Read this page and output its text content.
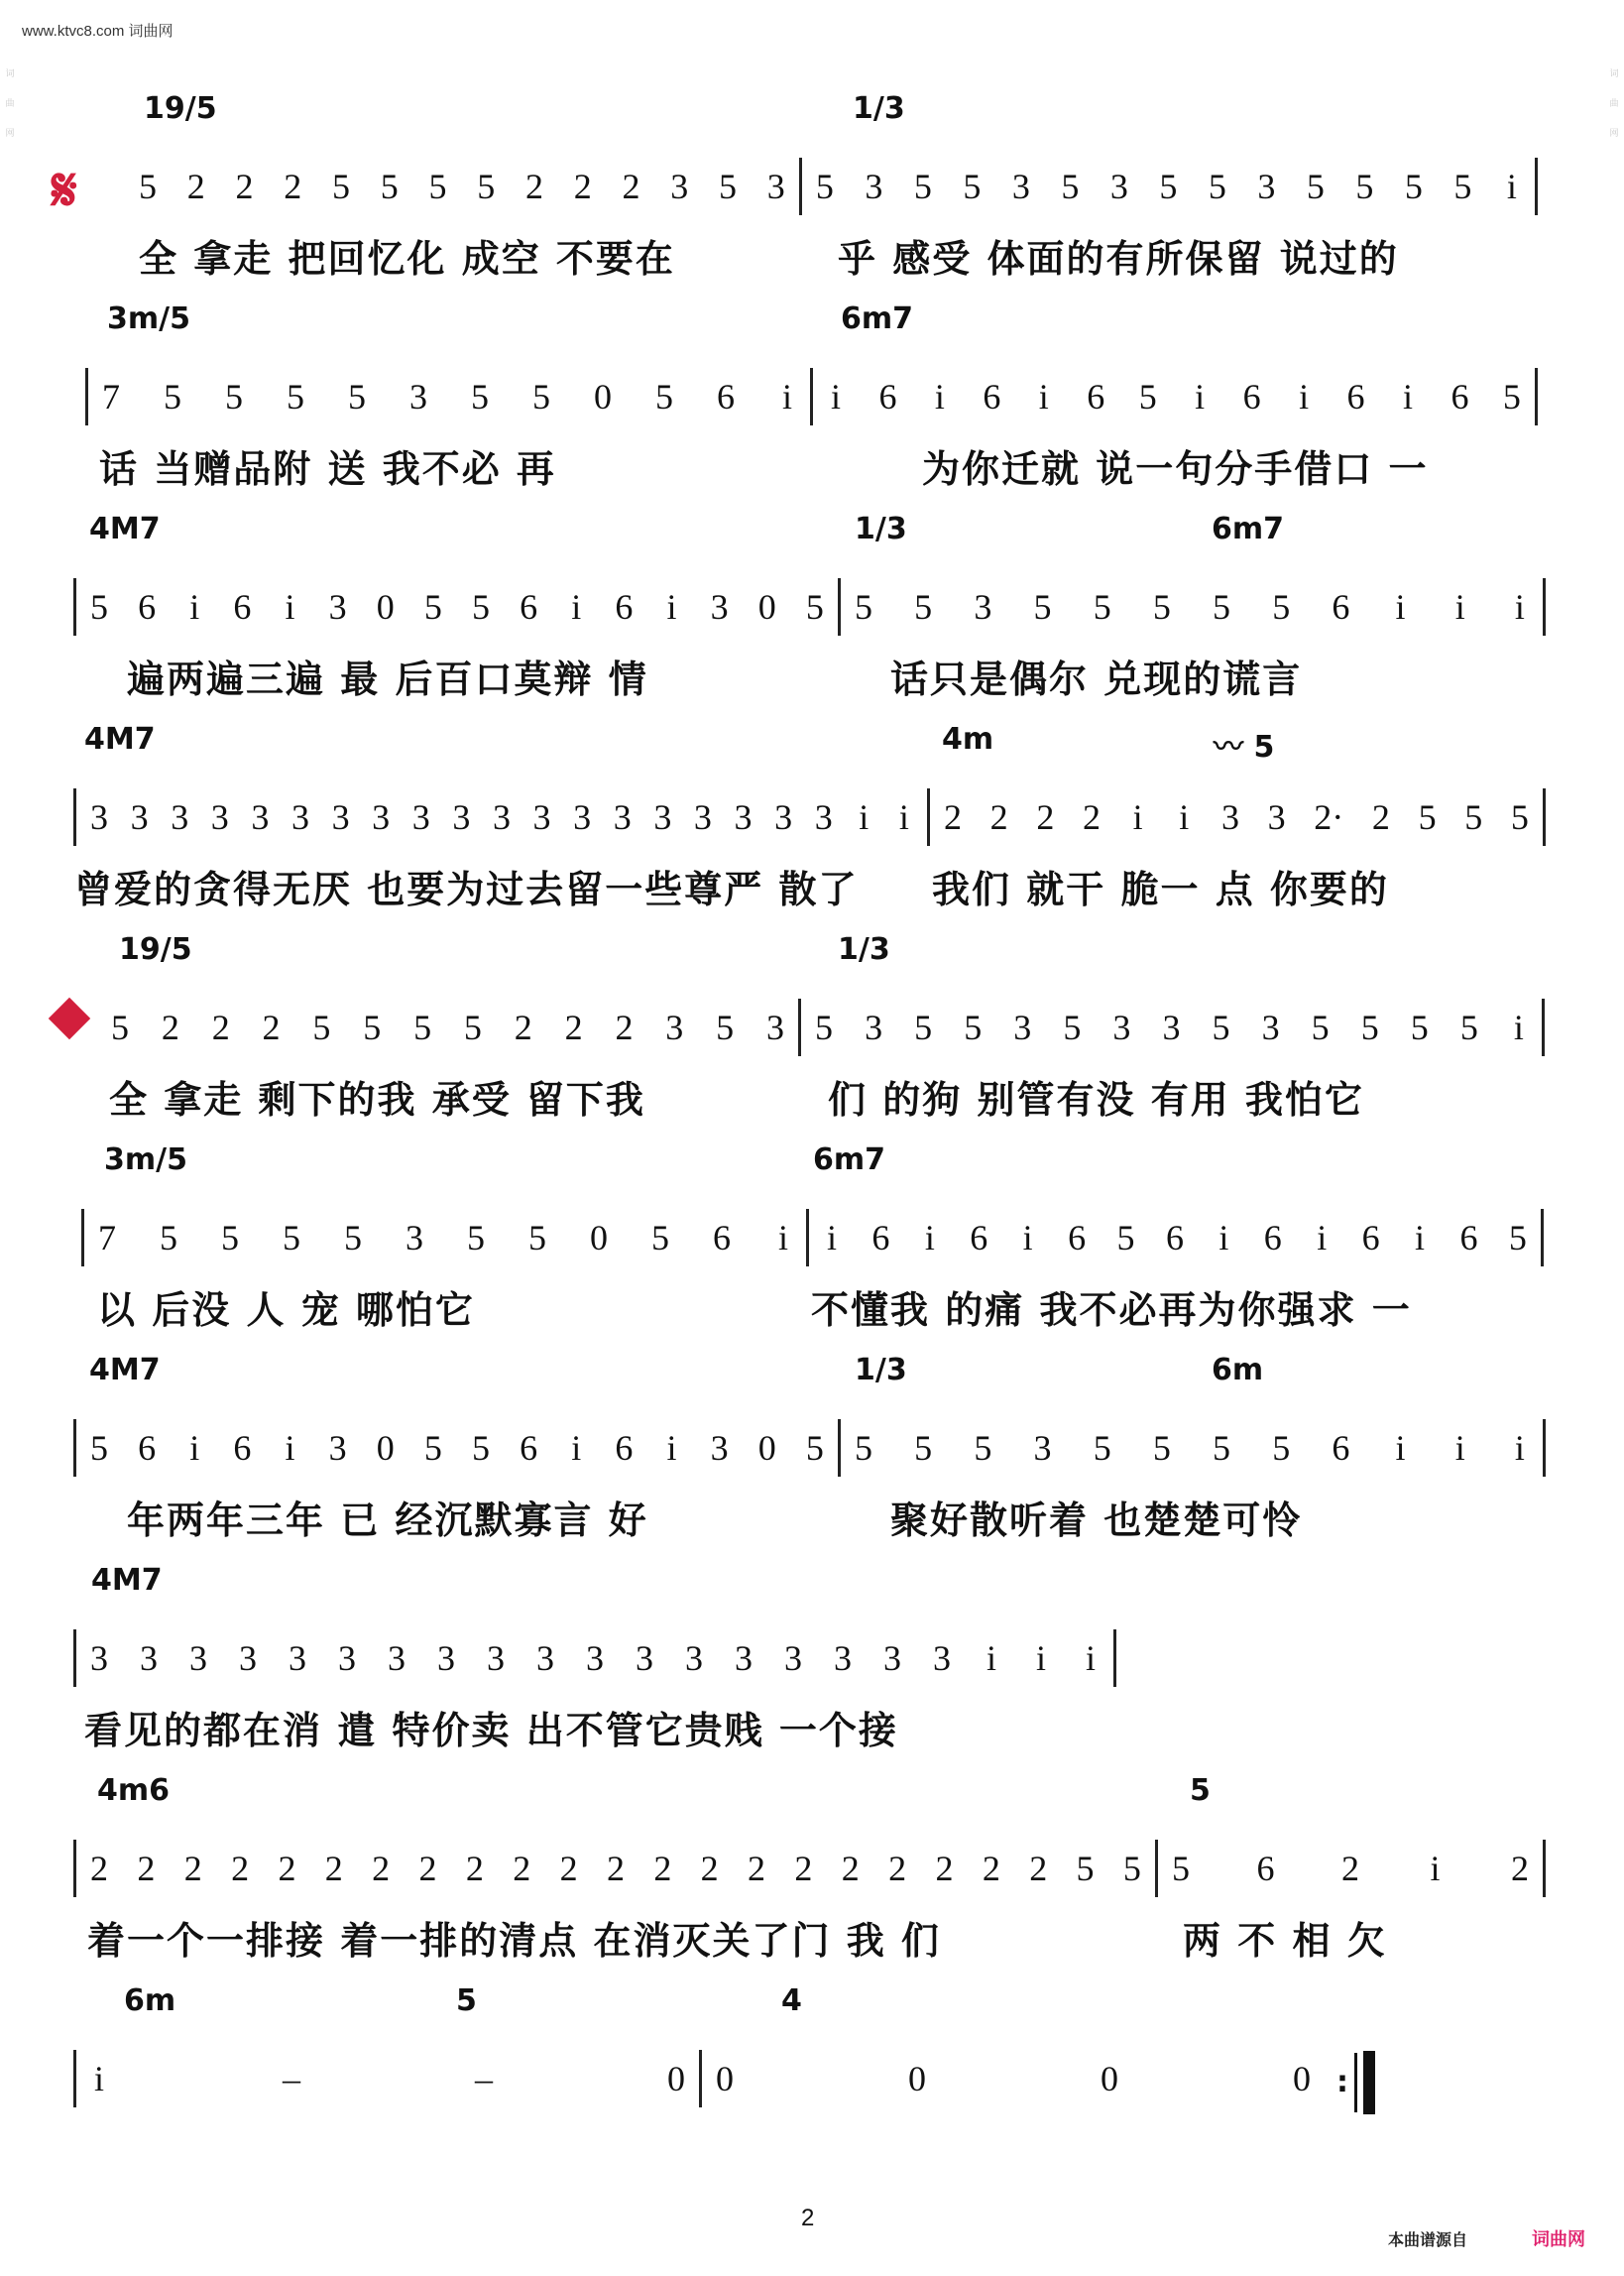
www.ktvc8.com 词曲网
词曲网
词曲网
𝄋
19/5	1/3
5 2 2 2 5 5 5 5 2 2 2 3 5 3 5 3 5 5 3 5 3 5 5 3 5 5 5 5 i
全 拿走 把回忆化 成空 不要在	乎 感受 体面的有所保留 说过的
3m/5	6m7
7 5 5 5 5 3 5 5 0 5 6 i i 6 i 6 i 6 5 i 6 i 6 i 6 5
话 当赠品附 送 我不必 再	为你迁就 说一句分手借口 一
4M7	1/3	6m7
5 6 i 6 i 3 0 5 5 6 i 6 i 3 0 5 5 5 3 5 5 5 5 5 6 i i i
遍两遍三遍 最 后百口莫辩 情	话只是偶尔 兑现的谎言
4M7	4m	〰 5
3 3 3 3 3 3 3 3 3 3 3 3 3 3 3 3 3 3 3 i i 2 2 2 2 i i 3 3 2· 2 5 5 5
曾爱的贪得无厌 也要为过去留一些尊严 散了 我们 就干 脆一 点 你要的
19/5	1/3
5 2 2 2 5 5 5 5 2 2 2 3 5 3 5 3 5 5 3 5 3 3 5 3 5 5 5 5 i
全 拿走 剩下的我 承受 留下我	们 的狗 别管有没 有用 我怕它
3m/5	6m7
7 5 5 5 5 3 5 5 0 5 6 i i 6 i 6 i 6 5 6 i 6 i 6 i 6 5
以 后没 人 宠 哪怕它	不懂我 的痛 我不必再为你强求 一
4M7	1/3	6m
5 6 i 6 i 3 0 5 5 6 i 6 i 3 0 5 5 5 5 3 5 5 5 5 6 i i i
年两年三年 已 经沉默寡言 好	聚好散听着 也楚楚可怜
4M7
3 3 3 3 3 3 3 3 3 3 3 3 3 3 3 3 3 3 i i i
看见的都在消 遣 特价卖 出不管它贵贱 一个接
4m6	5
2 2 2 2 2 2 2 2 2 2 2 2 2 2 2 2 2 2 2 2 2 5 5 5 6 2 i 2
着一个一排接 着一排的清点 在消灭关了门 我 们	两 不 相 欠
6m	5	4
i	–	–	0 0	0	0	0 :

2
本曲谱源自	词曲网
